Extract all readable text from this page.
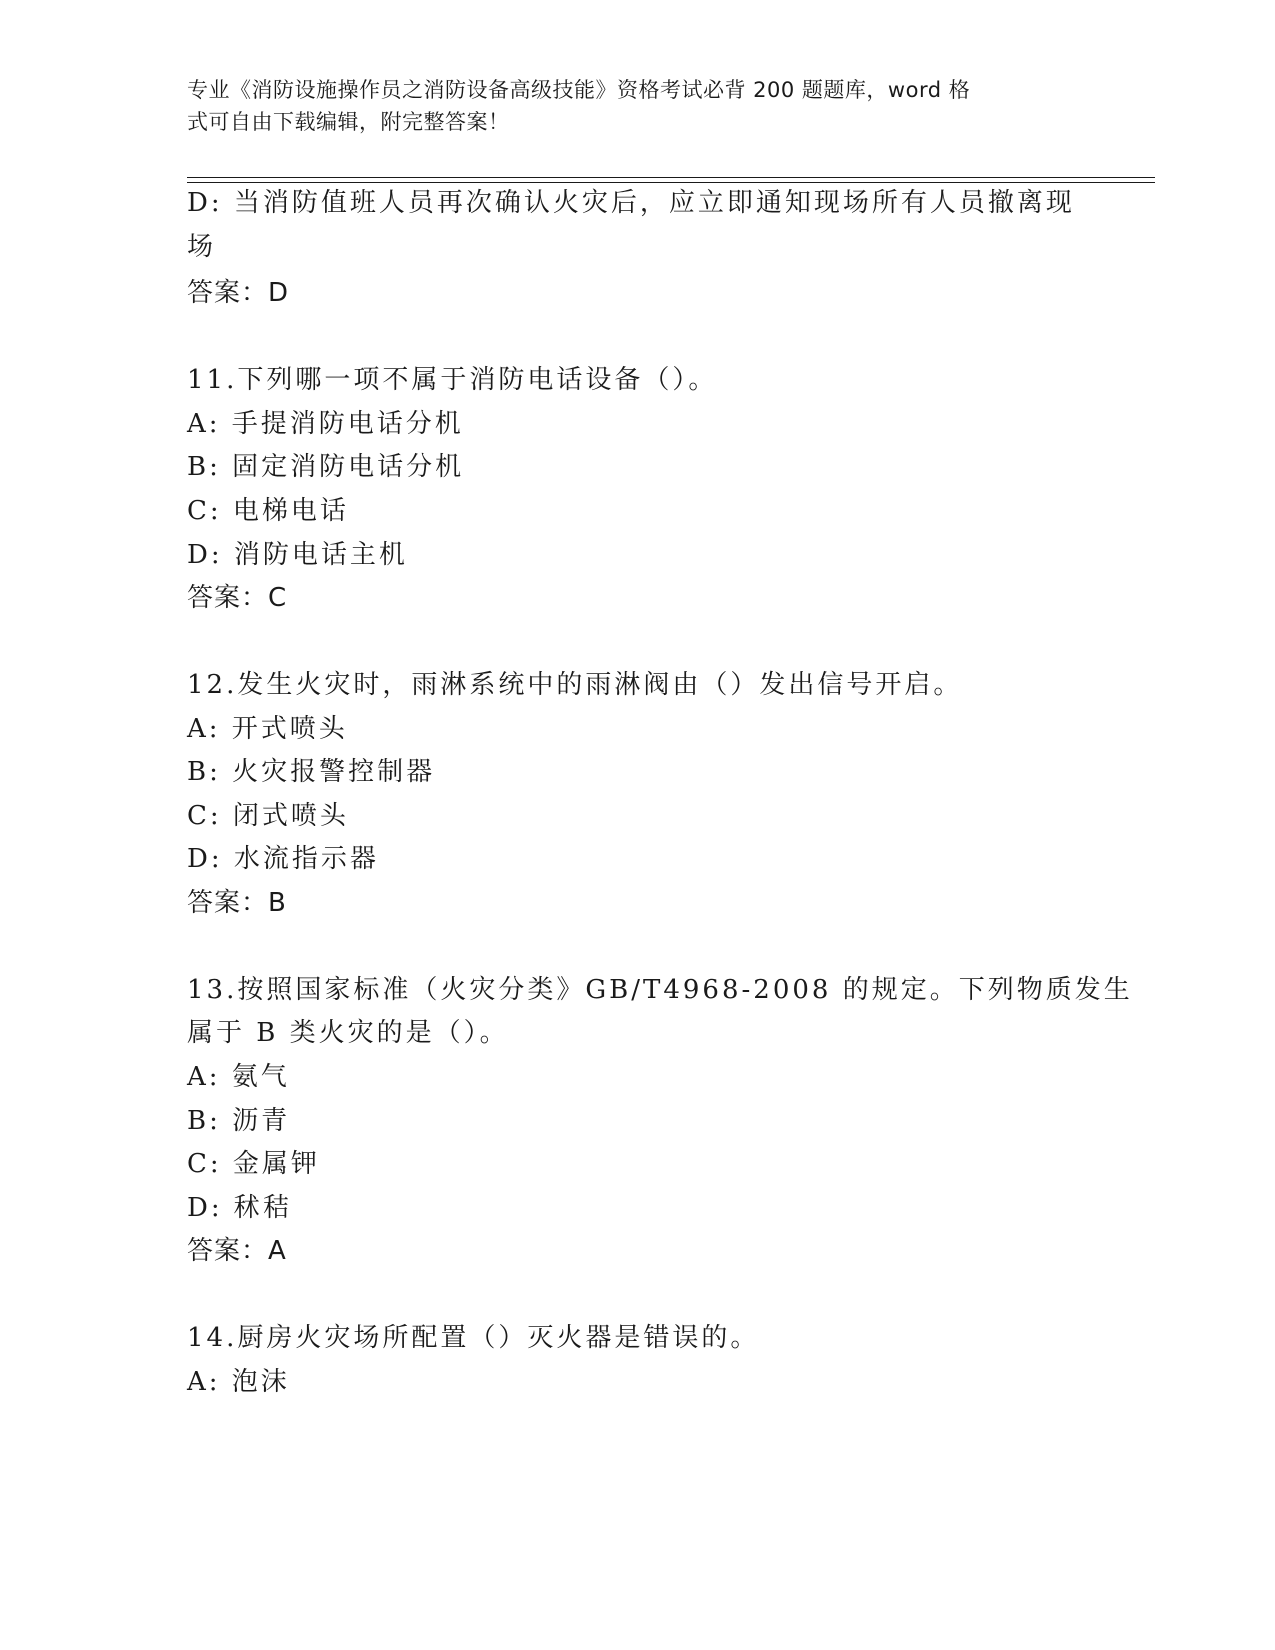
专业《消防设施操作员之消防设备高级技能》资格考试必背 200 题题库，word 格
式可自由下载编辑，附完整答案！
D: 当消防值班人员再次确认火灾后，应立即通知现场所有人员撤离现
场
答案：D
11.下列哪一项不属于消防电话设备（）。
A: 手提消防电话分机
B: 固定消防电话分机
C: 电梯电话
D: 消防电话主机
答案：C
12.发生火灾时，雨淋系统中的雨淋阀由（）发出信号开启。
A: 开式喷头
B: 火灾报警控制器
C: 闭式喷头
D: 水流指示器
答案：B
13.按照国家标准（火灾分类》GB/T4968-2008 的规定。下列物质发生
属于 B 类火灾的是（）。
A: 氨气
B: 沥青
C: 金属钾
D: 秫秸
答案：A
14.厨房火灾场所配置（）灭火器是错误的。
A: 泡沫
